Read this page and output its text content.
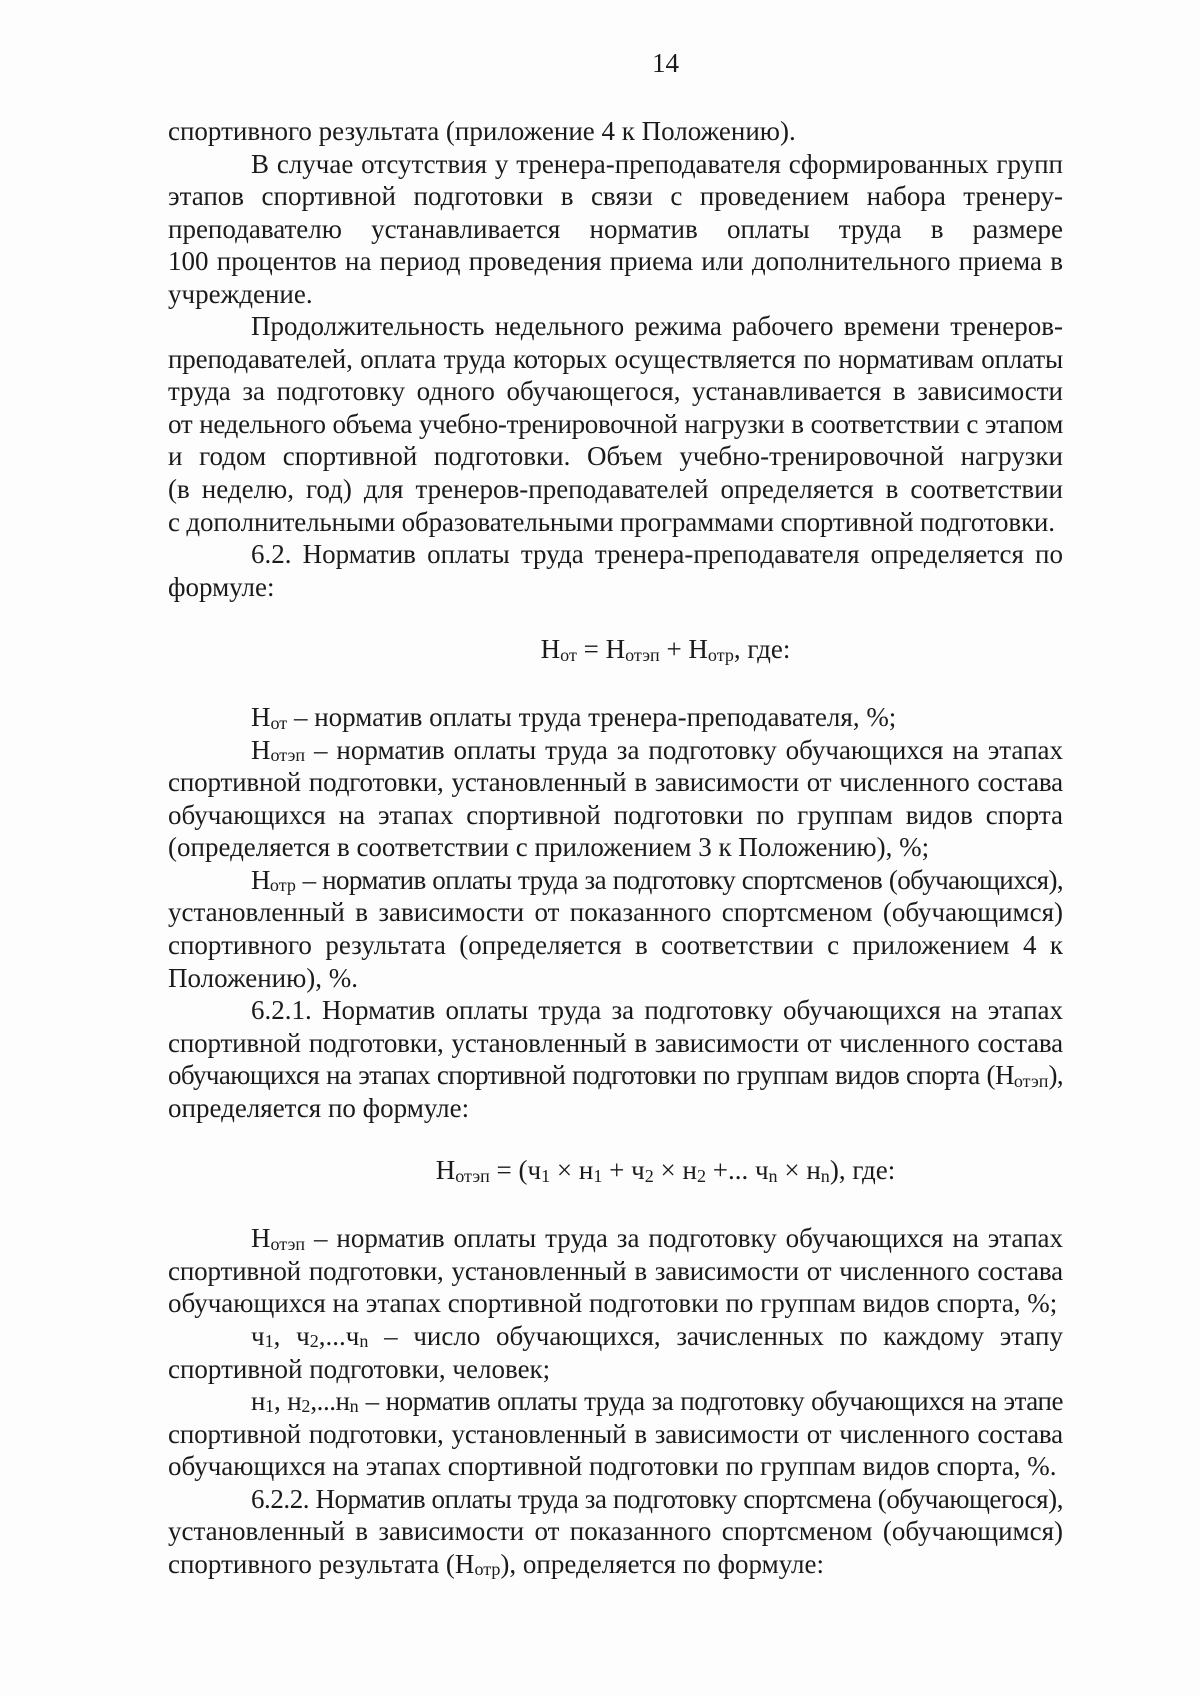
14
спортивного результата (приложение 4 к Положению).
В случае отсутствия у тренера-преподавателя сформированных групп
этапов спортивной подготовки в связи с проведением набора тренеру-
преподавателю устанавливается норматив оплаты труда в размере
100 процентов на период проведения приема или дополнительного приема в
учреждение.
Продолжительность недельного режима рабочего времени тренеров-
преподавателей, оплата труда которых осуществляется по нормативам оплаты
труда за подготовку одного обучающегося, устанавливается в зависимости
от недельного объема учебно-тренировочной нагрузки в соответствии с этапом
и годом спортивной подготовки. Объем учебно-тренировочной нагрузки
(в неделю, год) для тренеров-преподавателей определяется в соответствии
с дополнительными образовательными программами спортивной подготовки.
6.2. Норматив оплаты труда тренера-преподавателя определяется по
формуле:
$Н_{от} = Н_{отэп} + Н_{отр}$, где:
$Н_{от}$ – норматив оплаты труда тренера-преподавателя, %;
$Н_{отэп}$ – норматив оплаты труда за подготовку обучающихся на этапах
спортивной подготовки, установленный в зависимости от численного состава
обучающихся на этапах спортивной подготовки по группам видов спорта
(определяется в соответствии с приложением 3 к Положению), %;
$Н_{отр}$ – норматив оплаты труда за подготовку спортсменов (обучающихся),
установленный в зависимости от показанного спортсменом (обучающимся)
спортивного результата (определяется в соответствии с приложением 4 к
Положению), %.
6.2.1. Норматив оплаты труда за подготовку обучающихся на этапах
спортивной подготовки, установленный в зависимости от численного состава
обучающихся на этапах спортивной подготовки по группам видов спорта $(Н_{отэп})$,
определяется по формуле:
$Н_{отэп} = (ч_1 \times н_1 + ч_2 \times н_2$ +... $ч_n \times н_n$), где:
$Н_{отэп}$ – норматив оплаты труда за подготовку обучающихся на этапах
спортивной подготовки, установленный в зависимости от численного состава
обучающихся на этапах спортивной подготовки по группам видов спорта, %;
$ч_1$, $ч_2,...ч_n$ – число обучающихся, зачисленных по каждому этапу
спортивной подготовки, человек;
$н_1$, $н_2,...н_n$ – норматив оплаты труда за подготовку обучающихся на этапе
спортивной подготовки, установленный в зависимости от численного состава
обучающихся на этапах спортивной подготовки по группам видов спорта, %.
6.2.2. Норматив оплаты труда за подготовку спортсмена (обучающегося),
установленный в зависимости от показанного спортсменом (обучающимся)
спортивного результата $(Н_{отр})$, определяется по формуле:
